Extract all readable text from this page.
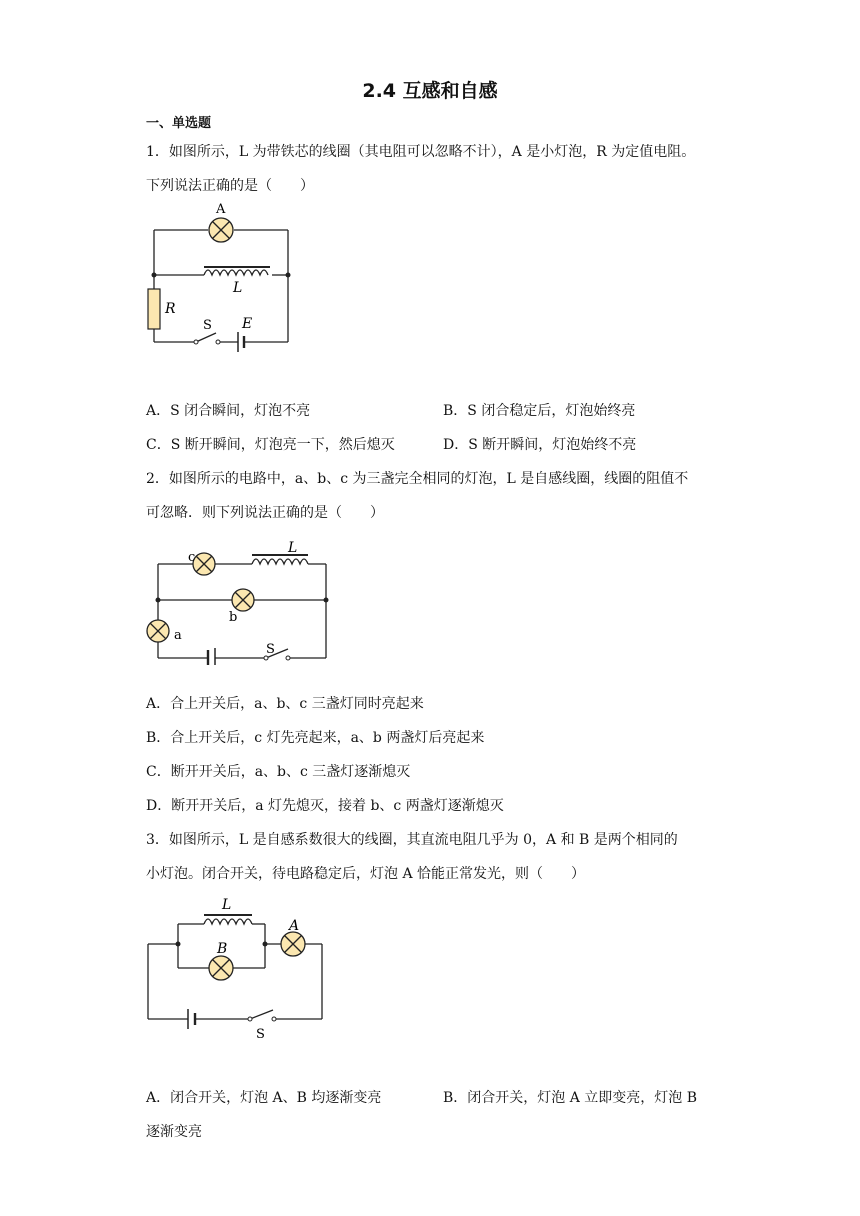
2.4 互感和自感
一、单选题
1．如图所示，L 为带铁芯的线圈（其电阻可以忽略不计），A 是小灯泡，R 为定值电阻。
下列说法正确的是（　　）
A
L
R
S E
A．S 闭合瞬间，灯泡不亮	B．S 闭合稳定后，灯泡始终亮
C．S 断开瞬间，灯泡亮一下，然后熄灭	D．S 断开瞬间，灯泡始终不亮
2．如图所示的电路中，a、b、c 为三盏完全相同的灯泡，L 是自感线圈，线圈的阻值不
可忽略．则下列说法正确的是（　　）
c
L
b
a
S
A．合上开关后，a、b、c 三盏灯同时亮起来
B．合上开关后，c 灯先亮起来，a、b 两盏灯后亮起来
C．断开开关后，a、b、c 三盏灯逐渐熄灭
D．断开开关后，a 灯先熄灭，接着 b、c 两盏灯逐渐熄灭
3．如图所示，L 是自感系数很大的线圈，其直流电阻几乎为 0，A 和 B 是两个相同的
小灯泡。闭合开关，待电路稳定后，灯泡 A 恰能正常发光，则（　　）
L
B
A
S
A．闭合开关，灯泡 A、B 均逐渐变亮	B．闭合开关，灯泡 A 立即变亮，灯泡 B
逐渐变亮
